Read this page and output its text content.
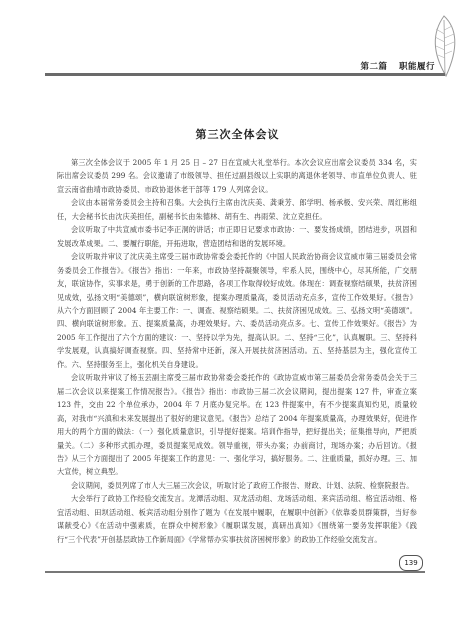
第二篇 职能履行
第三次全体会议

第三次全体会议于 2005 年 1 月 25 日 – 27 日在宣威大礼堂举行。本次会议应出席会议委员 334 名，实际出席会议委员 299 名。会议邀请了市级领导、担任过副县级以上实职的离退休老领导、市直单位负责人、驻宣云南省曲靖市政协委员、市政协退休老干部等 179 人列席会议。

会议由本届常务委员会主持和召集。大会执行主席由沈庆美、龚秉芳、郎学明、杨承极、安兴荣、周红彬组任，大会秘书长由沈庆美担任，副秘书长由朱德林、胡有生、冉雨荣、沈立克担任。

会议听取了中共宣威市委书记李正洞的讲话；市正即日记要求市政协：一、要发扬成绩，团结进步，巩固和发展改革成果。二、要履行职能，开拓进取，营造团结和谐的发展环境。

会议听取并审议了沈庆美主席受三届市政协常委会委托作的《中国人民政治协商会议宣威市第三届委员会常务委员会工作报告》。《报告》指出：一年来，市政协坚持凝聚领导，牢系人民，围绕中心，尽其所能，广交朋友，联谊协作，实事求是，勇于创新的工作思路，各项工作取得较好成效。体现在：调查视察结硕果，扶贫济困见成效，弘扬文明“美德颂”，横向联谊树形象，提案办理质量高，委员活动充点多，宣传工作效果好。《报告》从六个方面回顾了 2004 年主要工作：一、调查、视察结硕果。二、扶贫济困见成效。三、弘扬文明“美德颂”。四、横向联谊树形象。五、提案质量高，办理效果好。六、委员活动亮点多。七、宣传工作效果好。《报告》为 2005 年工作提出了六个方面的建议：一、坚持以学为先，提高认识。二、坚持“三化”，认真履职。三、坚持科学发展观，认真搞好调查视察。四、坚持常中还新，深入开展扶贫济困活动。五、坚持基层为主，强化宣传工作。六、坚持服务至上，强化机关自身建设。

会议听取并审议了杨玉芸副主席受三届市政协常委会委托作的《政协宣威市第三届委员会常务委员会关于三届二次会议以来提案工作情况报告》。《报告》指出：市政协三届二次会议期间，提出提案 127 件，审查立案 123 件，交由 22 个单位承办，2004 年 7 月底办复完毕。在 123 件提案中，有不少提案真知灼见，质量较高，对我市“兴滇和未来发展提出了很好的建议意见。《报告》总结了 2004 年提案质量高，办理效果好，促进作用大的两个方面的做法：（一）强化质量意识，引导提好提案。培训作指导，把好提出关；征集推导向，严把质量关。（二）多种形式抓办理，委员提案见成效。领导重视，带头办案；办前商讨，现场办案；办后回访。《报告》从三个方面提出了 2005 年提案工作的意见：一、强化学习，搞好服务。二、注重质量，抓好办理。三、加大宣传，树立典型。

会议期间，委员列席了市人大三届三次会议，听取讨论了政府工作报告、财政、计划、法院、检察院报告。

大会举行了政协工作经验交流发言。龙潭活动组、双龙活动组、龙场活动组、来宾活动组、格宜活动组、格宜活动组、田坝活动组、板宾活动组分别作了题为《在发展中履职，在履职中创新》《依靠委员群策群，当好参谋献受心》《在活动中强素质，在群众中树形象》《履职谋发展，真研出真知》《围绕第一要务发挥职能》《践行“三个代表”开创基层政协工作新局面》《学常帮办实事扶贫济困树形象》的政协工作经验交流发言。

139
